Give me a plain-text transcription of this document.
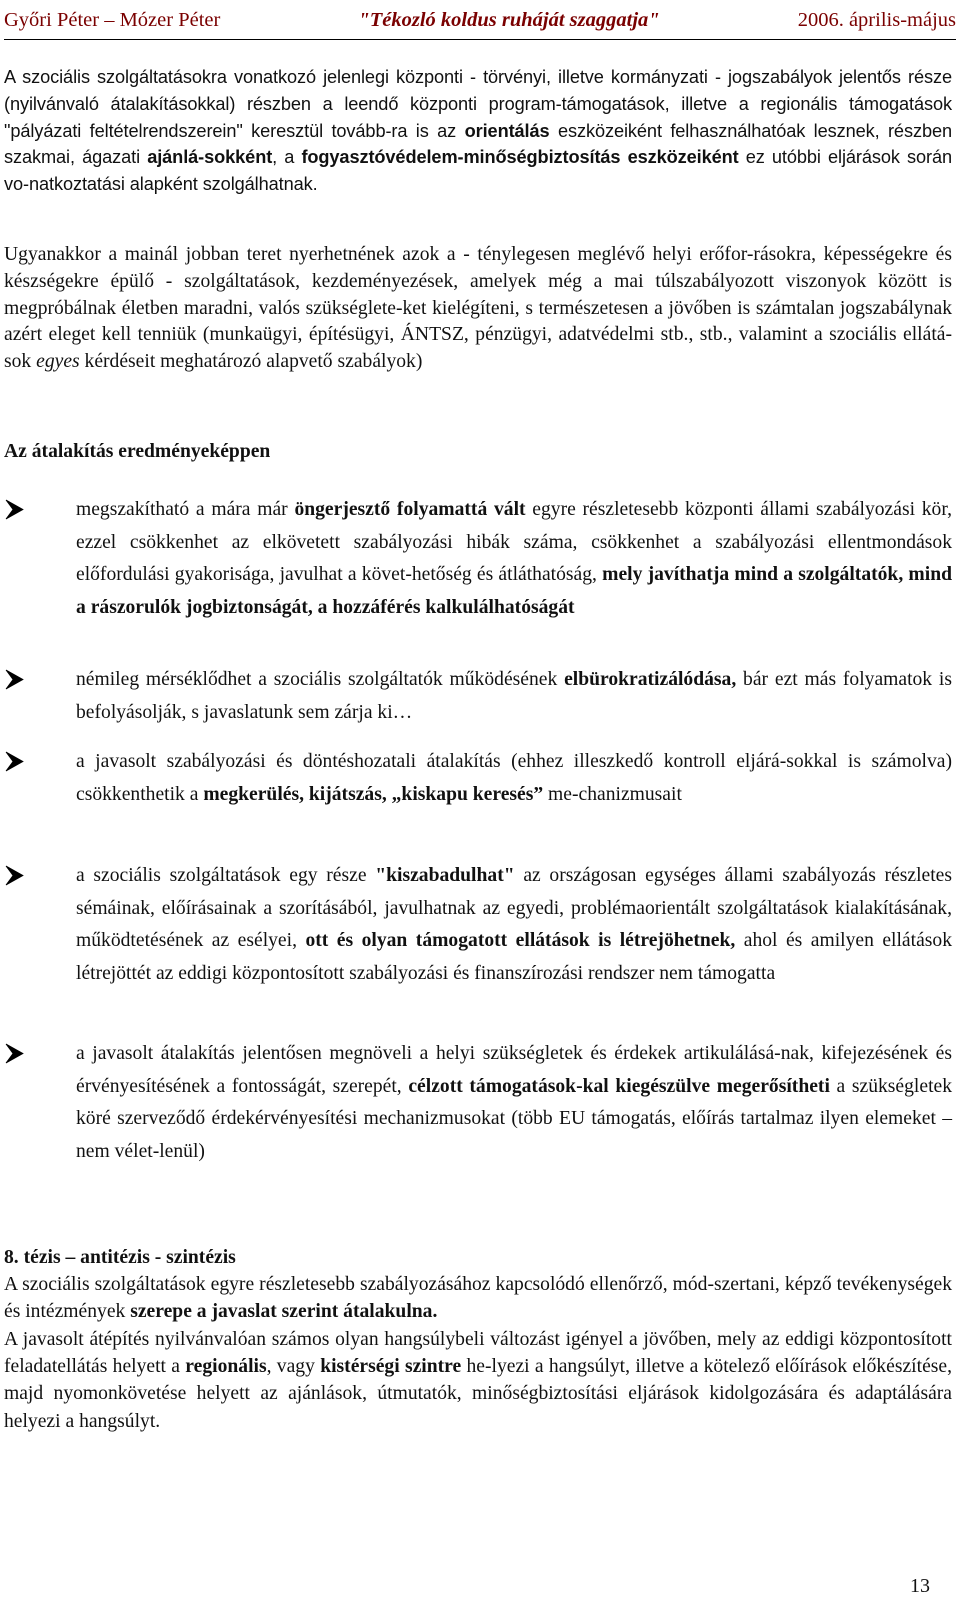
Győri Péter – Mózer Péter	"Tékozló koldus ruháját szaggatja"	2006. április-május

A szociális szolgáltatásokra vonatkozó jelenlegi központi - törvényi, illetve kormányzati - jogszabályok jelentős része (nyilvánvaló átalakításokkal) részben a leendő központi program-támogatások, illetve a regionális támogatások "pályázati feltételrendszerein" keresztül tovább-ra is az orientálás eszközeiként felhasználhatóak lesznek, részben szakmai, ágazati ajánlá-sokként, a fogyasztóvédelem-minőségbiztosítás eszközeiként ez utóbbi eljárások során vo-natkoztatási alapként szolgálhatnak.

Ugyanakkor a mainál jobban teret nyerhetnének azok a - ténylegesen meglévő helyi erőfor-rásokra, képességekre és készségekre épülő - szolgáltatások, kezdeményezések, amelyek még a mai túlszabályozott viszonyok között is megpróbálnak életben maradni, valós szükséglete-ket kielégíteni, s természetesen a jövőben is számtalan jogszabálynak azért eleget kell tenniük (munkaügyi, építésügyi, ÁNTSZ, pénzügyi, adatvédelmi stb., stb., valamint a szociális ellátá-sok egyes kérdéseit meghatározó alapvető szabályok)

Az átalakítás eredményeképpen

megszakítható a mára már öngerjesztő folyamattá vált egyre részletesebb központi állami szabályozási kör, ezzel csökkenhet az elkövetett szabályozási hibák száma, csökkenhet a szabályozási ellentmondások előfordulási gyakorisága, javulhat a követ-hetőség és átláthatóság, mely javíthatja mind a szolgáltatók, mind a rászorulók jogbiztonságát, a hozzáférés kalkulálhatóságát

némileg mérséklődhet a szociális szolgáltatók működésének elbürokratizálódása, bár ezt más folyamatok is befolyásolják, s javaslatunk sem zárja ki…

a javasolt szabályozási és döntéshozatali átalakítás (ehhez illeszkedő kontroll eljárá-sokkal is számolva) csökkenthetik a megkerülés, kijátszás, „kiskapu keresés” me-chanizmusait

a szociális szolgáltatások egy része "kiszabadulhat" az országosan egységes állami szabályozás részletes sémáinak, előírásainak a szorításából, javulhatnak az egyedi, problémaorientált szolgáltatások kialakításának, működtetésének az esélyei, ott és olyan támogatott ellátások is létrejöhetnek, ahol és amilyen ellátások létrejöttét az eddigi központosított szabályozási és finanszírozási rendszer nem támogatta

a javasolt átalakítás jelentősen megnöveli a helyi szükségletek és érdekek artikulálásá-nak, kifejezésének és érvényesítésének a fontosságát, szerepét, célzott támogatások-kal kiegészülve megerősítheti a szükségletek köré szerveződő érdekérvényesítési mechanizmusokat (több EU támogatás, előírás tartalmaz ilyen elemeket – nem vélet-lenül)

8. tézis – antitézis - szintézis

A szociális szolgáltatások egyre részletesebb szabályozásához kapcsolódó ellenőrző, mód-szertani, képző tevékenységek és intézmények szerepe a javaslat szerint átalakulna.

A javasolt átépítés nyilvánvalóan számos olyan hangsúlybeli változást igényel a jövőben, mely az eddigi központosított feladatellátás helyett a regionális, vagy kistérségi szintre he-lyezi a hangsúlyt, illetve a kötelező előírások előkészítése, majd nyomonkövetése helyett az ajánlások, útmutatók, minőségbiztosítási eljárások kidolgozására és adaptálására helyezi a hangsúlyt.

13
